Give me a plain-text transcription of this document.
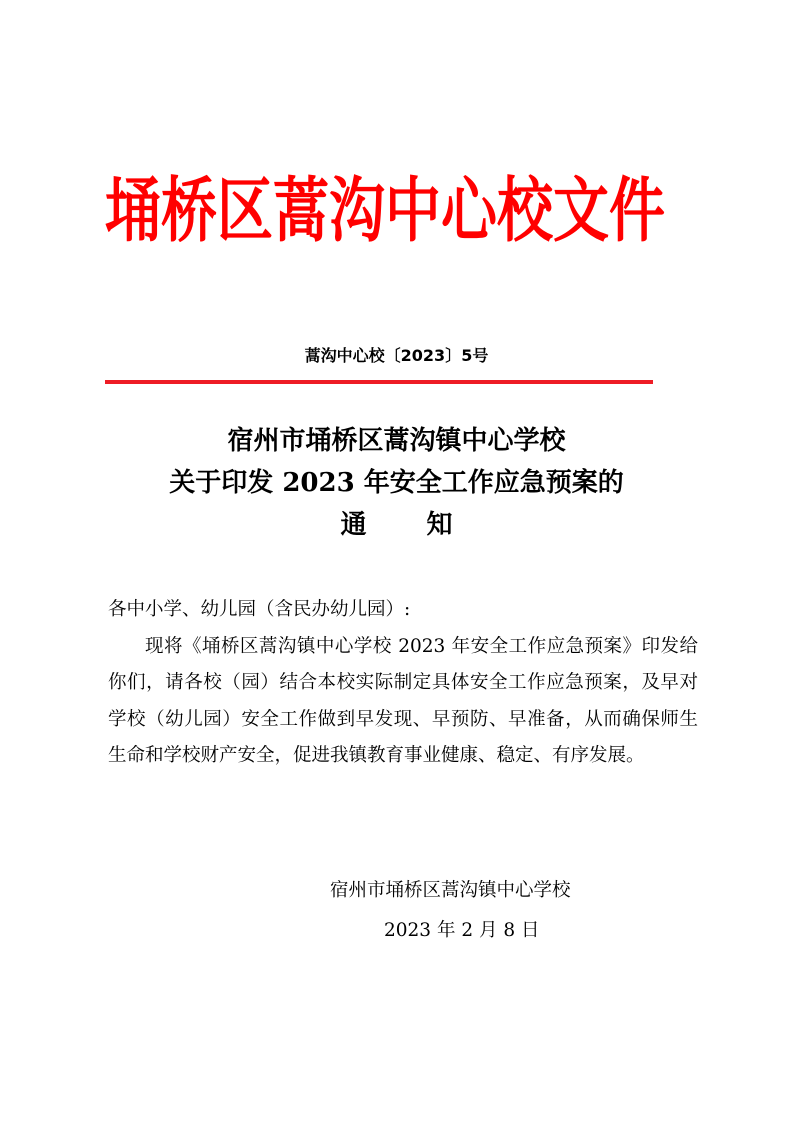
埇桥区蒿沟中心校文件
蒿沟中心校〔2023〕5号
宿州市埇桥区蒿沟镇中心学校
关于印发 2023 年安全工作应急预案的
通知

各中小学、幼儿园（含民办幼儿园）:

现将《埇桥区蒿沟镇中心学校 2023 年安全工作应急预案》印发给你们，请各校（园）结合本校实际制定具体安全工作应急预案，及早对学校（幼儿园）安全工作做到早发现、早预防、早准备，从而确保师生生命和学校财产安全，促进我镇教育事业健康、稳定、有序发展。

宿州市埇桥区蒿沟镇中心学校
2023 年 2 月 8 日
